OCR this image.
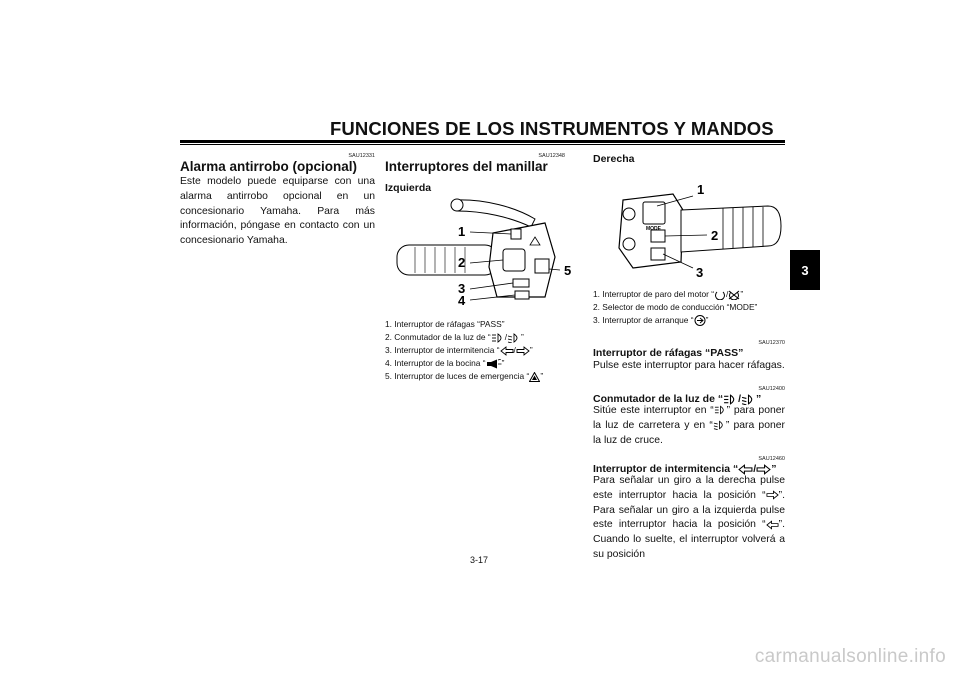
FUNCIONES DE LOS INSTRUMENTOS Y MANDOS
3
SAU12331
Alarma antirrobo (opcional)
Este modelo puede equiparse con una alarma antirrobo opcional en un concesionario Yamaha. Para más información, póngase en contacto con un concesionario Yamaha.
SAU12348
Interruptores del manillar
Izquierda
1
2
3
4
5
1. Interruptor de ráfagas “PASS”
2. Conmutador de la luz de “ / ”
3. Interruptor de intermitencia “ / ”
4. Interruptor de la bocina “ ”
5. Interruptor de luces de emergencia “ ”
Derecha
MODE
1
2
3
1. Interruptor de paro del motor “ / ”
2. Selector de modo de conducción “MODE”
3. Interruptor de arranque “ ”
SAU12370
Interruptor de ráfagas “PASS”
Pulse este interruptor para hacer ráfagas.
SAU12400
Conmutador de la luz de “ / ”
Sitúe este interruptor en “ ” para poner la luz de carretera y en “ ” para poner la luz de cruce.
SAU12460
Interruptor de intermitencia “ / ”
Para señalar un giro a la derecha pulse este interruptor hacia la posición “ ”. Para señalar un giro a la izquierda pulse este interruptor hacia la posición “ ”. Cuando lo suelte, el interruptor volverá a su posición
3-17
carmanualsonline.info
